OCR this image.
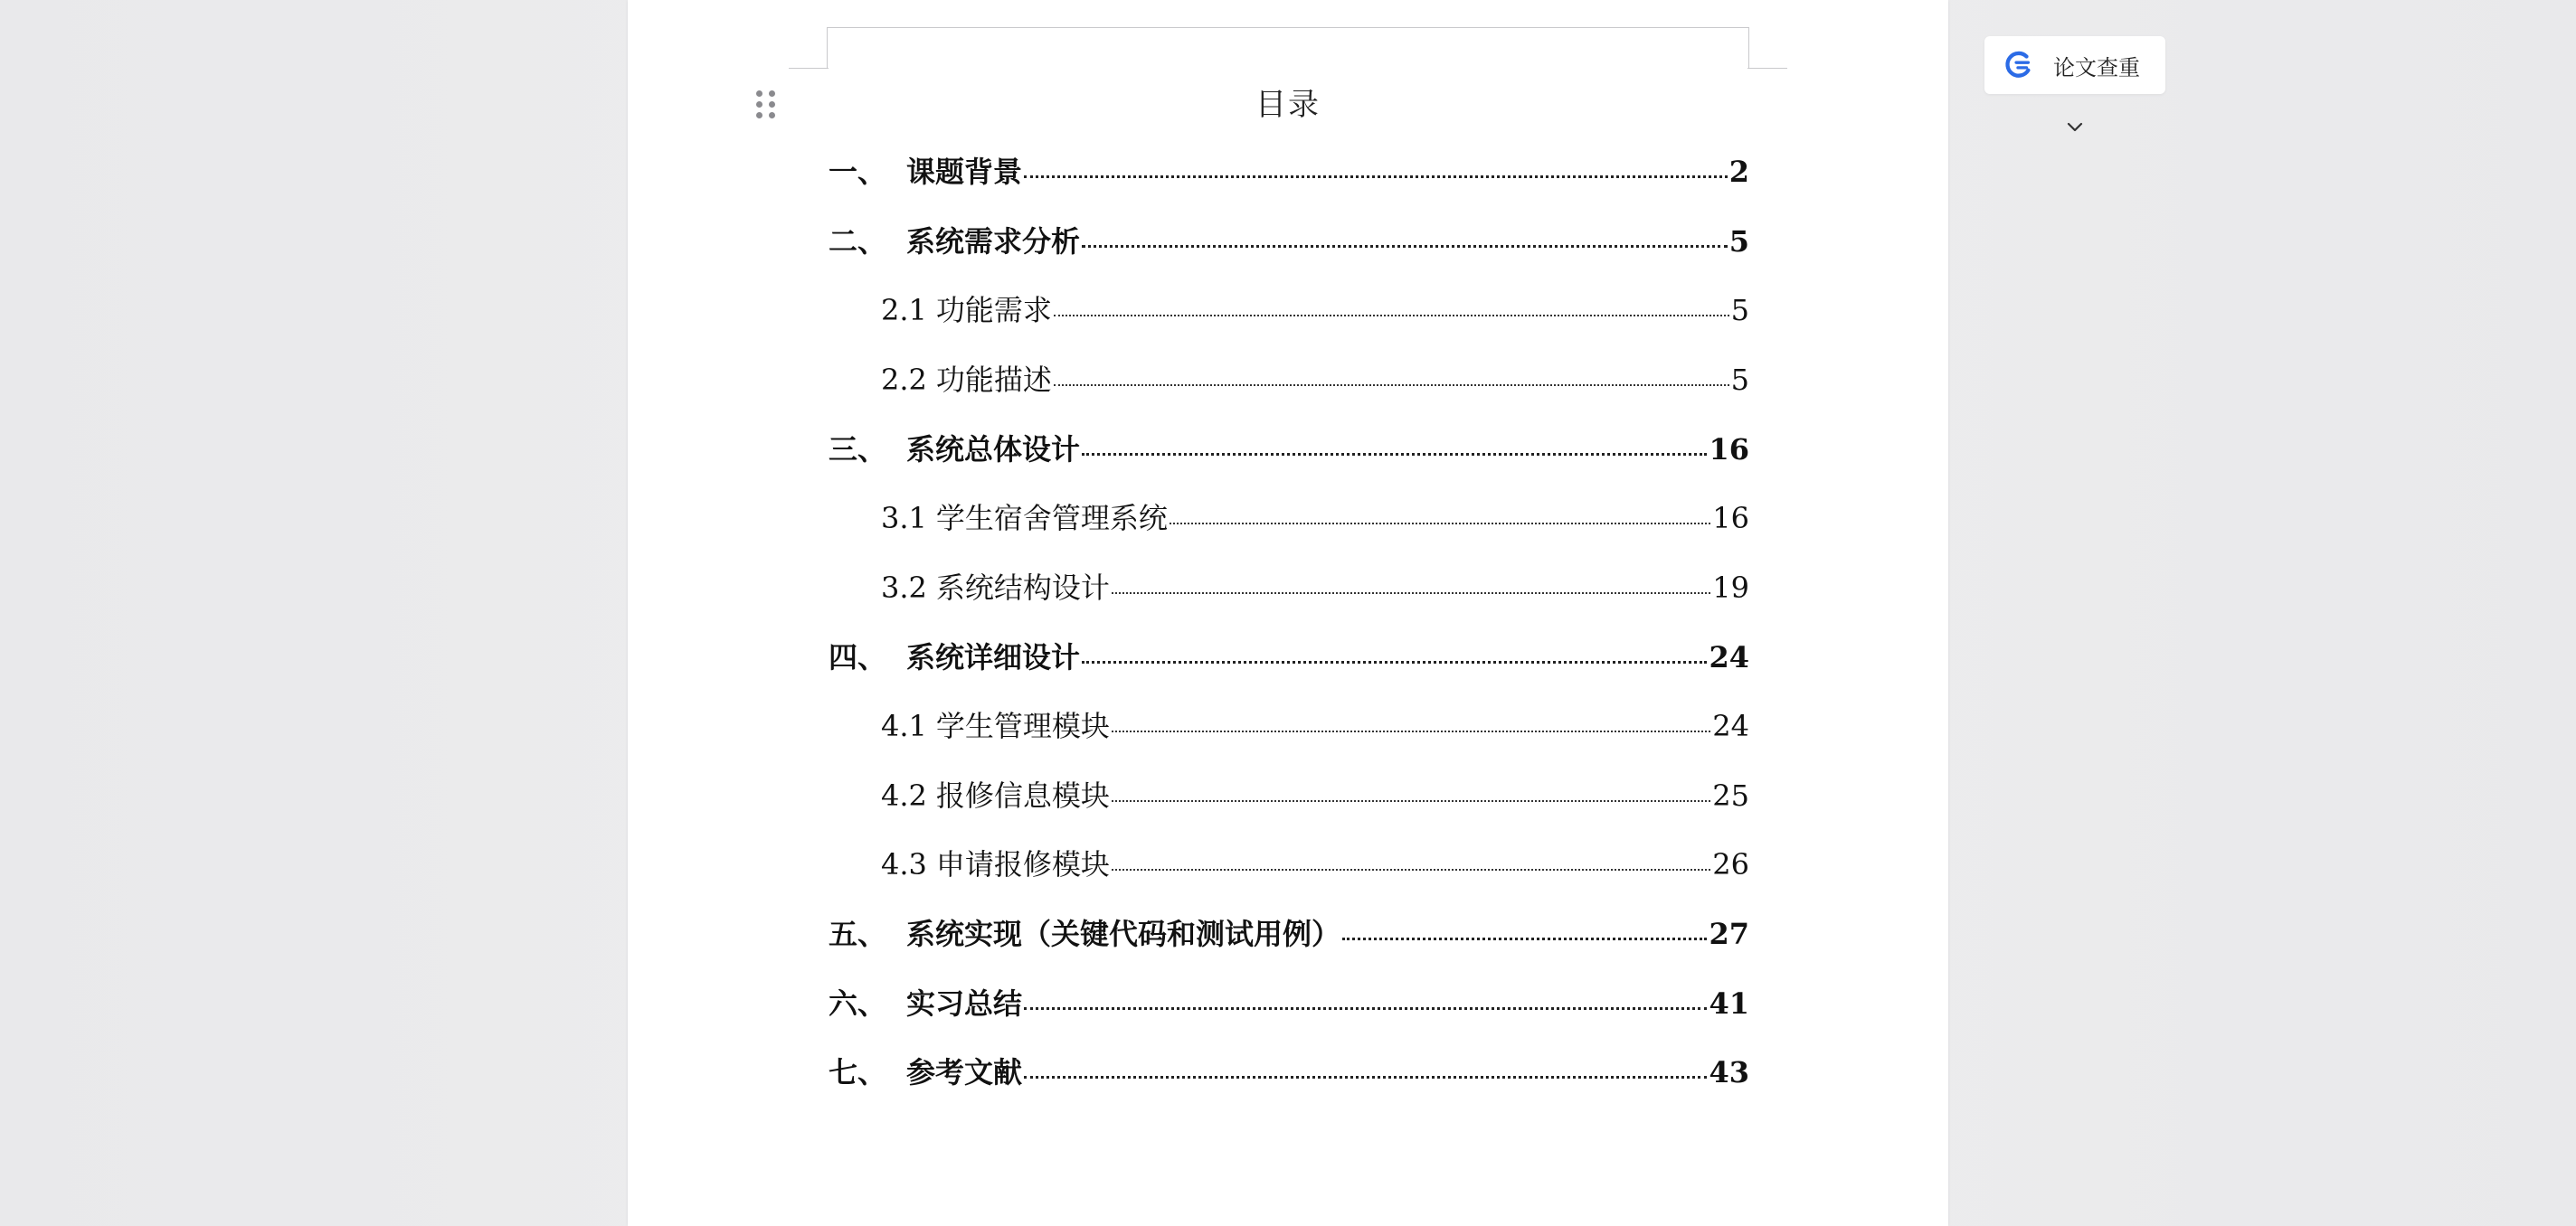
目录
一、 课题背景	2
二、 系统需求分析	5
2.1 功能需求	5
2.2 功能描述	5
三、 系统总体设计	16
3.1 学生宿舍管理系统	16
3.2 系统结构设计	19
四、 系统详细设计	24
4.1 学生管理模块	24
4.2 报修信息模块	25
4.3 申请报修模块	26
五、 系统实现（关键代码和测试用例）	27
六、 实习总结	41
七、 参考文献	43
论文查重
